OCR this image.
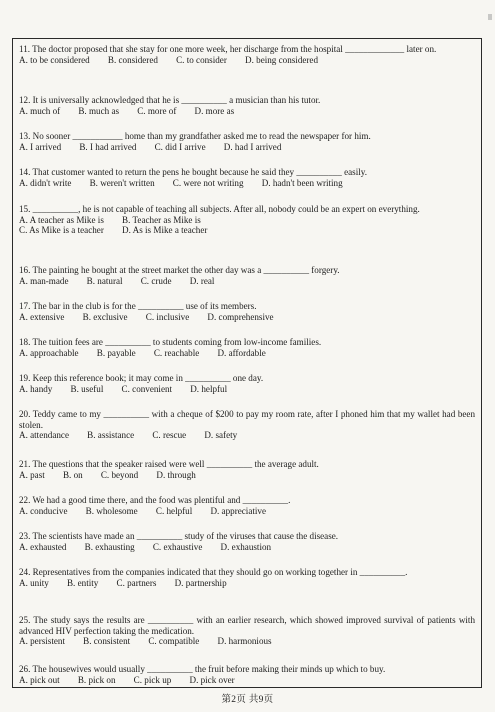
11. The doctor proposed that she stay for one more week, her discharge from the hospital _____________ later on.
A. to be considered        B. considered        C. to consider        D. being considered
12. It is universally acknowledged that he is __________ a musician than his tutor.
A. much of        B. much as        C. more of        D. more as
13. No sooner ___________ home than my grandfather asked me to read the newspaper for him.
A. I arrived        B. I had arrived        C. did I arrive        D. had I arrived
14. That customer wanted to return the pens he bought because he said they __________ easily.
A. didn't write        B. weren't written        C. were not writing        D. hadn't been writing
15. __________, he is not capable of teaching all subjects. After all, nobody could be an expert on everything.
A. A teacher as Mike is        B. Teacher as Mike is
C. As Mike is a teacher        D. As is Mike a teacher
16. The painting he bought at the street market the other day was a __________ forgery.
A. man-made        B. natural        C. crude        D. real
17. The bar in the club is for the __________ use of its members.
A. extensive        B. exclusive        C. inclusive        D. comprehensive
18. The tuition fees are __________ to students coming from low-income families.
A. approachable        B. payable        C. reachable        D. affordable
19. Keep this reference book; it may come in __________ one day.
A. handy        B. useful        C. convenient        D. helpful
20. Teddy came to my __________ with a cheque of $200 to pay my room rate, after I phoned him that my wallet had been stolen.
A. attendance        B. assistance        C. rescue        D. safety
21. The questions that the speaker raised were well __________ the average adult.
A. past        B. on        C. beyond        D. through
22. We had a good time there, and the food was plentiful and __________.
A. conducive        B. wholesome        C. helpful        D. appreciative
23. The scientists have made an __________ study of the viruses that cause the disease.
A. exhausted        B. exhausting        C. exhaustive        D. exhaustion
24. Representatives from the companies indicated that they should go on working together in __________.
A. unity        B. entity        C. partners        D. partnership
25. The study says the results are __________ with an earlier research, which showed improved survival of patients with advanced HIV perfection taking the medication.
A. persistent        B. consistent        C. compatible        D. harmonious
26. The housewives would usually __________ the fruit before making their minds up which to buy.
A. pick out        B. pick on        C. pick up        D. pick over
第2页 共9页
